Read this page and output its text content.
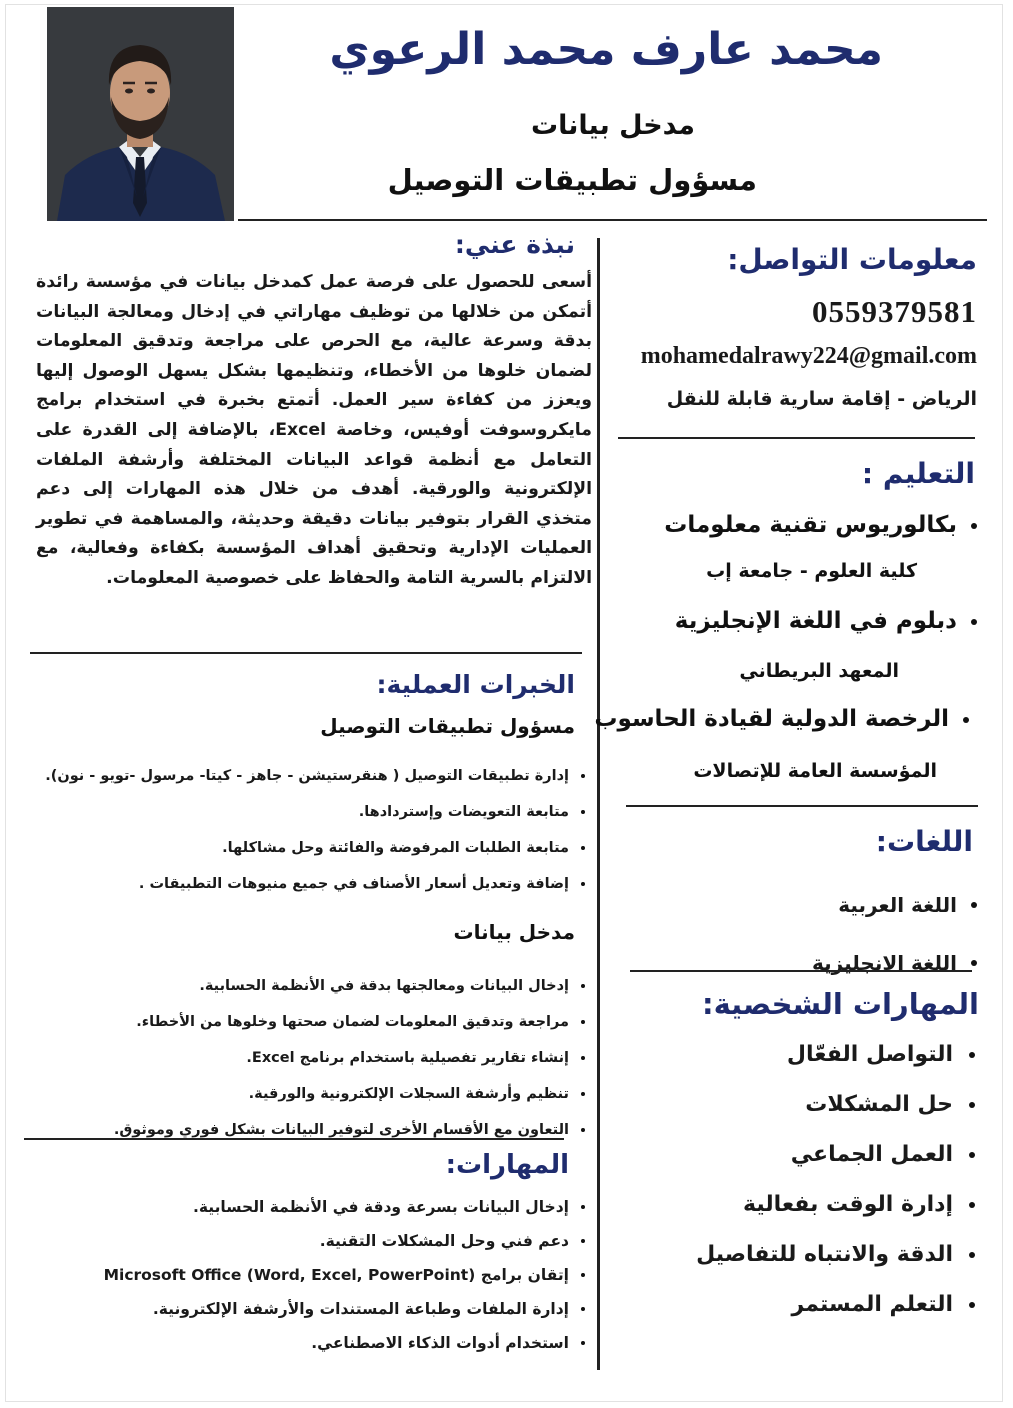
محمد عارف محمد الرعوي
مدخل بيانات
مسؤول تطبيقات التوصيل
معلومات التواصل:
0559379581
mohamedalrawy224@gmail.com
الرياض - إقامة سارية قابلة للنقل
التعليم :
بكالوريوس تقنية معلومات
كلية العلوم - جامعة إب
دبلوم في اللغة الإنجليزية
المعهد البريطاني
الرخصة الدولية لقيادة الحاسوب
المؤسسة العامة للإتصالات
اللغات:
اللغة العربية
اللغة الانجليزية
المهارات الشخصية:
التواصل الفعّال
حل المشكلات
العمل الجماعي
إدارة الوقت بفعالية
الدقة والانتباه للتفاصيل
التعلم المستمر
نبذة عني:
أسعى للحصول على فرصة عمل كمدخل بيانات في مؤسسة رائدة أتمكن من خلالها من توظيف مهاراتي في إدخال ومعالجة البيانات بدقة وسرعة عالية، مع الحرص على مراجعة وتدقيق المعلومات لضمان خلوها من الأخطاء، وتنظيمها بشكل يسهل الوصول إليها ويعزز من كفاءة سير العمل. أتمتع بخبرة في استخدام برامج مايكروسوفت أوفيس، وخاصة Excel، بالإضافة إلى القدرة على التعامل مع أنظمة قواعد البيانات المختلفة وأرشفة الملفات الإلكترونية والورقية. أهدف من خلال هذه المهارات إلى دعم متخذي القرار بتوفير بيانات دقيقة وحديثة، والمساهمة في تطوير العمليات الإدارية وتحقيق أهداف المؤسسة بكفاءة وفعالية، مع الالتزام بالسرية التامة والحفاظ على خصوصية المعلومات.
الخبرات العملية:
مسؤول تطبيقات التوصيل
إدارة تطبيقات التوصيل ( هنقرستيشن - جاهز - كيتا- مرسول -تويو - نون).
متابعة التعويضات وإستردادها.
متابعة الطلبات المرفوضة والفائتة وحل مشاكلها.
إضافة وتعديل أسعار الأصناف في جميع منيوهات التطبيقات .
مدخل بيانات
إدخال البيانات ومعالجتها بدقة في الأنظمة الحسابية.
مراجعة وتدقيق المعلومات لضمان صحتها وخلوها من الأخطاء.
إنشاء تقارير تفصيلية باستخدام برنامج Excel.
تنظيم وأرشفة السجلات الإلكترونية والورقية.
التعاون مع الأقسام الأخرى لتوفير البيانات بشكل فوري وموثوق.
المهارات:
إدخال البيانات بسرعة ودقة في الأنظمة الحسابية.
دعم فني وحل المشكلات التقنية.
إتقان برامج Microsoft Office (Word, Excel, PowerPoint)
إدارة الملفات وطباعة المستندات والأرشفة الإلكترونية.
استخدام أدوات الذكاء الاصطناعي.
